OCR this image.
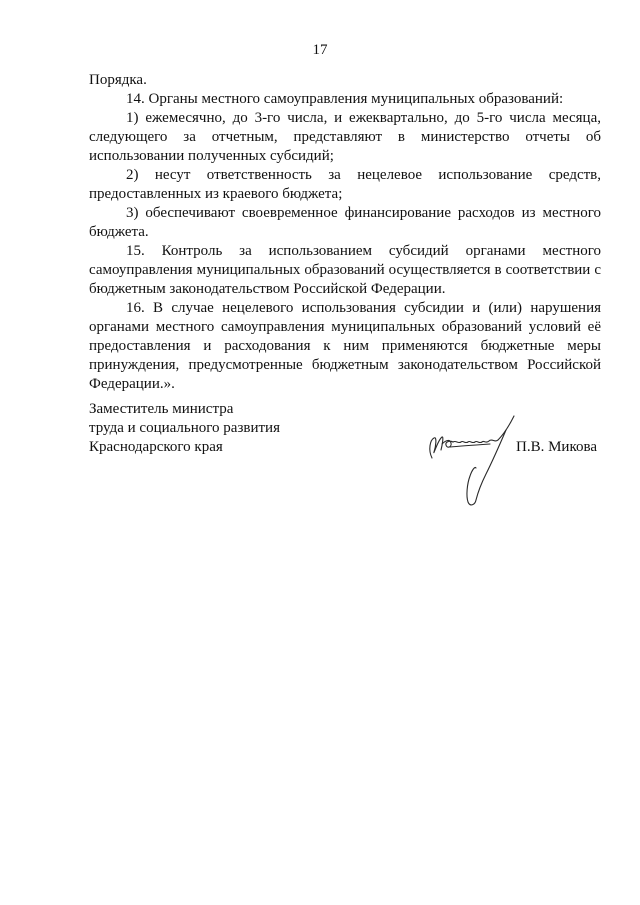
17

Порядка.

14. Органы местного самоуправления муниципальных образований:

1) ежемесячно, до 3-го числа, и ежеквартально, до 5-го числа месяца, следующего за отчетным, представляют в министерство отчеты об использовании полученных субсидий;

2) несут ответственность за нецелевое использование средств, предоставленных из краевого бюджета;

3) обеспечивают своевременное финансирование расходов из местного бюджета.

15. Контроль за использованием субсидий органами местного самоуправления муниципальных образований осуществляется в соответствии с бюджетным законодательством Российской Федерации.

16. В случае нецелевого использования субсидии и (или) нарушения органами местного самоуправления муниципальных образований условий её предоставления и расходования к ним применяются бюджетные меры принуждения, предусмотренные бюджетным законодательством Российской Федерации.».

Заместитель министра
труда и социального развития
Краснодарского края	П.В. Микова
